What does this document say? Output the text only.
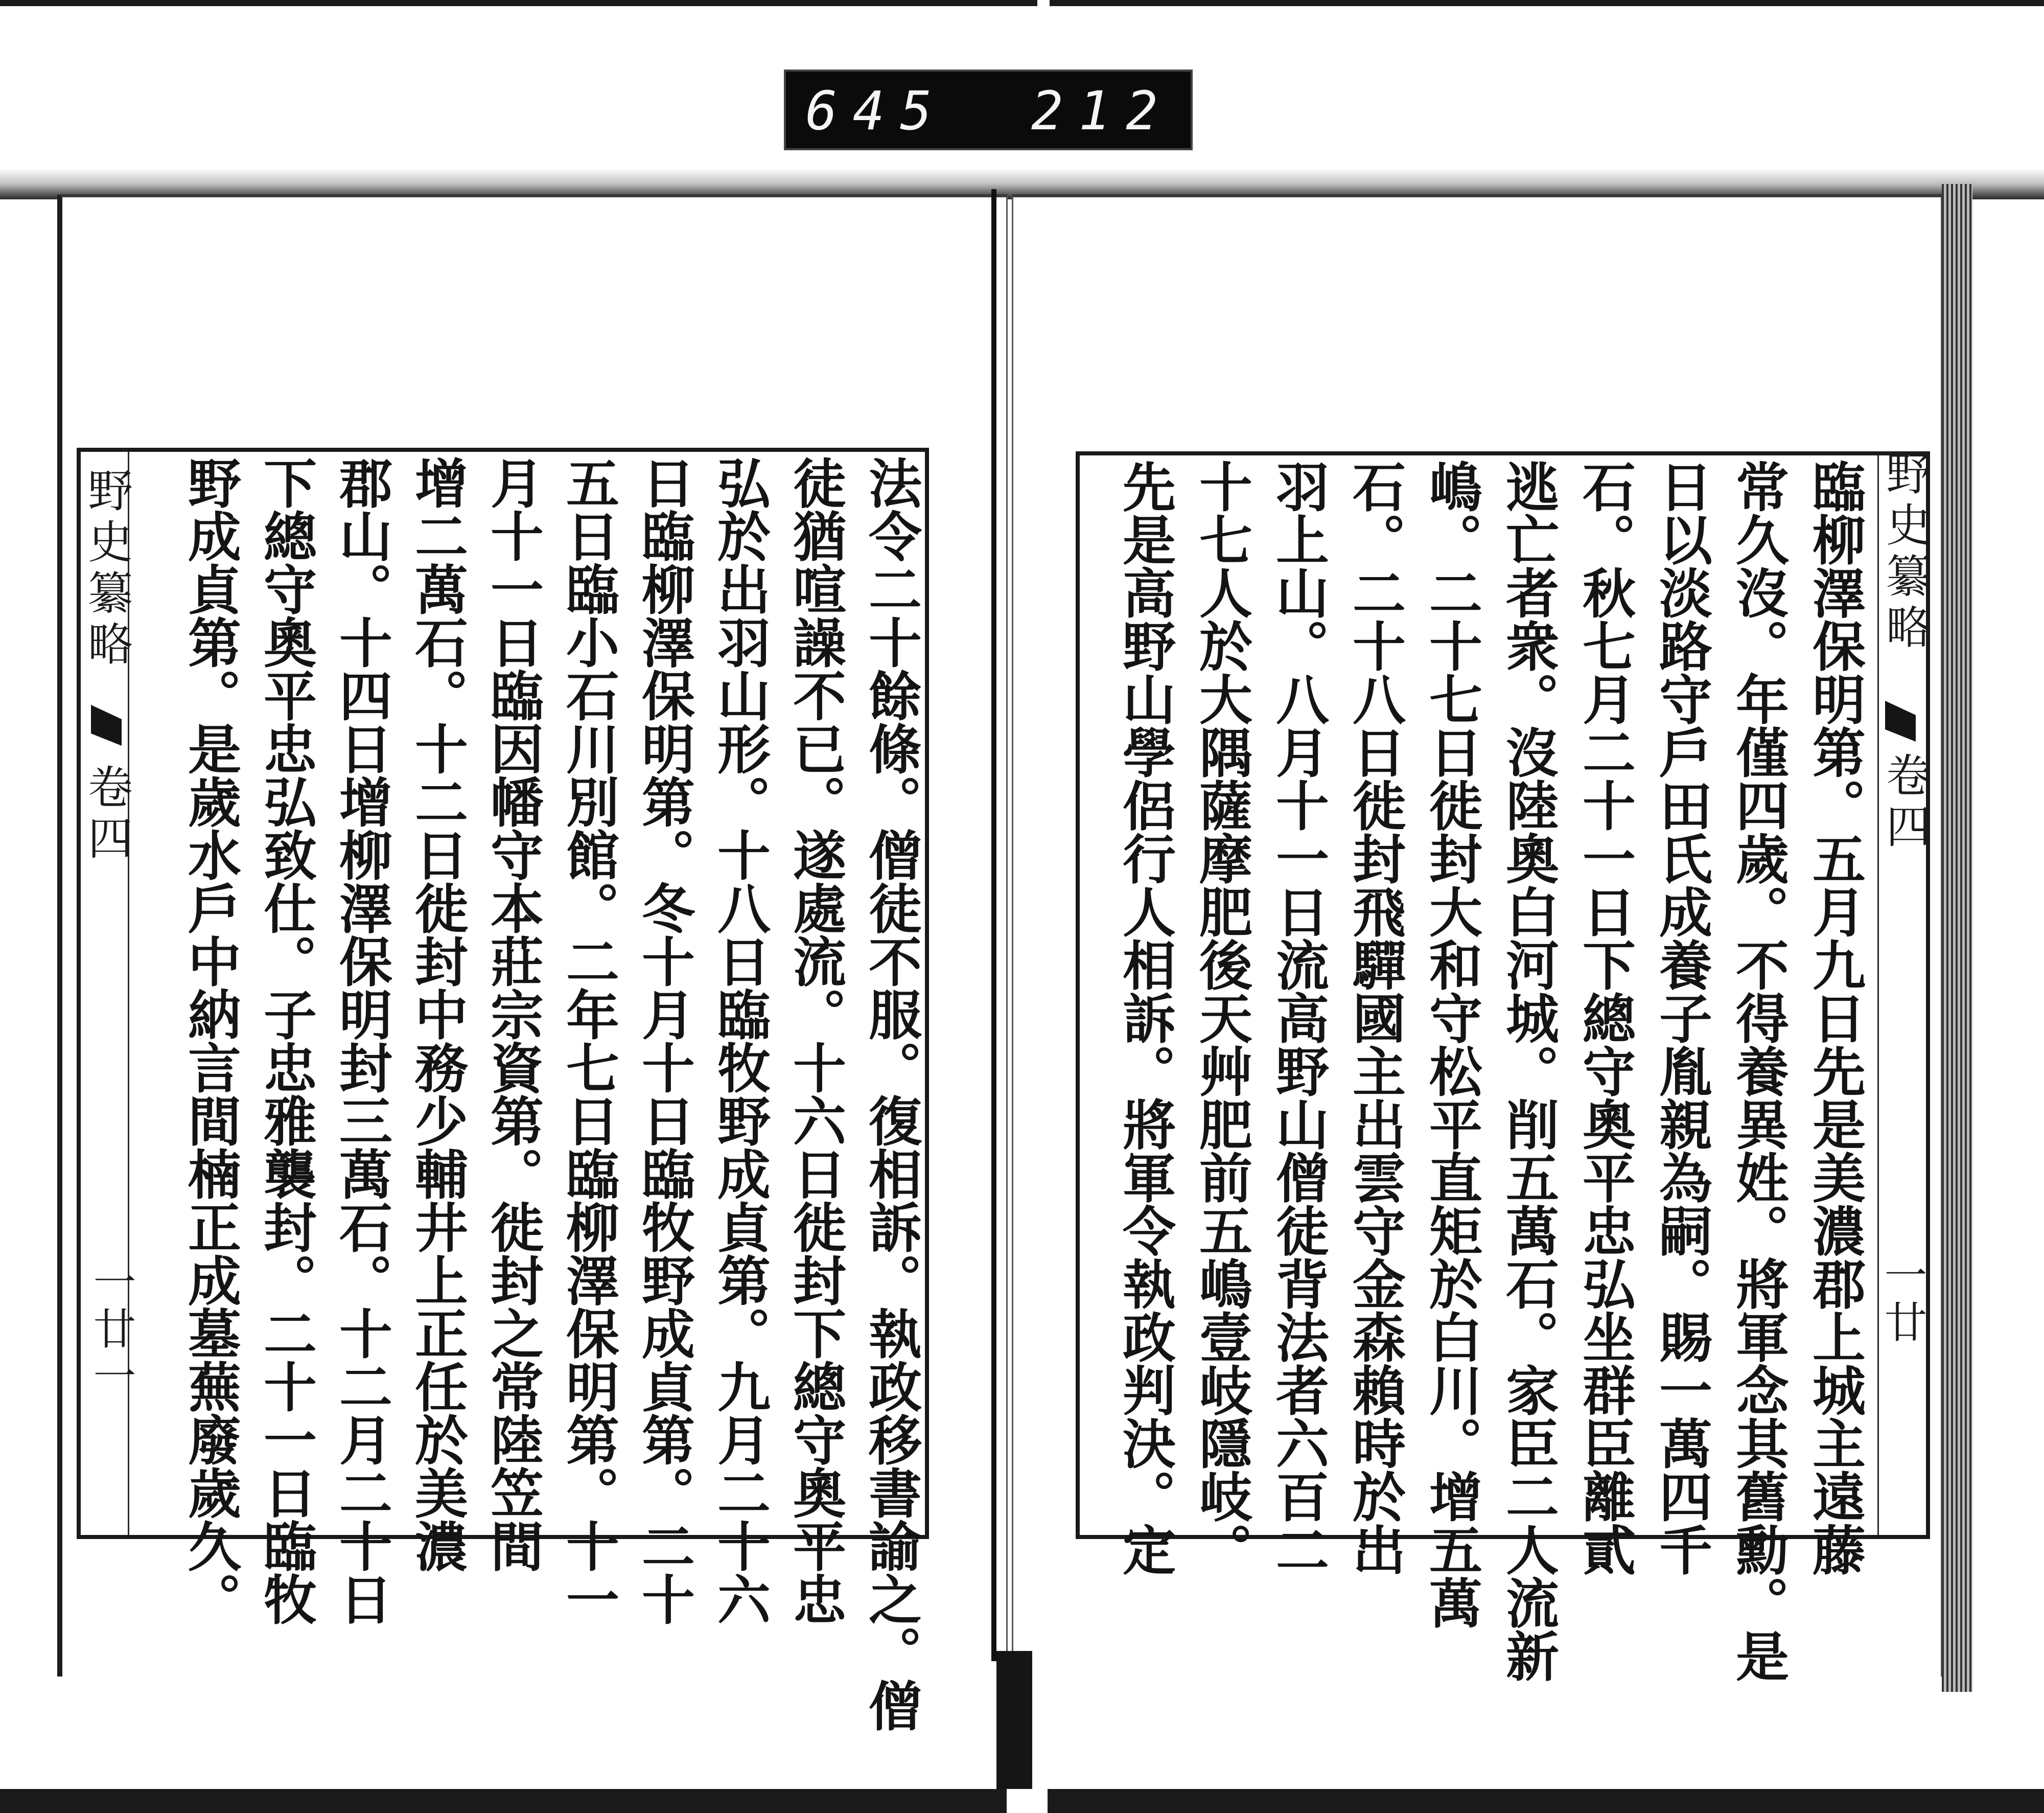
645 212
野史纂略
卷四
一廿一	法令二十餘條。僧徒不服。復相訴。執政移書諭之。僧
徒猶喧譟不已。遂處流。十六日徙封下總守奧平忠
弘於出羽山形。十八日臨牧野成貞第。九月二十六
日臨柳澤保明第。冬十月十日臨牧野成貞第。二十
五日臨小石川別館。二年七日臨柳澤保明第。十一
月十一日臨因幡守本莊宗資第。徙封之常陸笠間
增二萬石。十二日徙封中務少輔井上正任於美濃
郡山。十四日增柳澤保明封三萬石。十二月二十日
下總守奧平忠弘致仕。子忠雅襲封。二十一日臨牧
野成貞第。是歲水戶中納言間楠正成墓蕪廢歲久。	野史纂略
卷四
一廿
臨柳澤保明第。五月九日先是美濃郡上城主遠藤
常久沒。年僅四歲。不得養異姓。將軍念其舊勳。是
日以淡路守戶田氏成養子胤親為嗣。賜一萬四千
石。秋七月二十一日下總守奧平忠弘坐群臣離貳
逃亡者衆。沒陸奧白河城。削五萬石。家臣二人流新
嶋。二十七日徙封大和守松平直矩於白川。增五萬
石。二十八日徙封飛驒國主出雲守金森賴時於出
羽上山。八月十一日流高野山僧徒背法者六百二
十七人於大隅薩摩肥後天艸肥前五嶋壹岐隱岐。
先是高野山學侶行人相訴。將軍令執政判決。定
